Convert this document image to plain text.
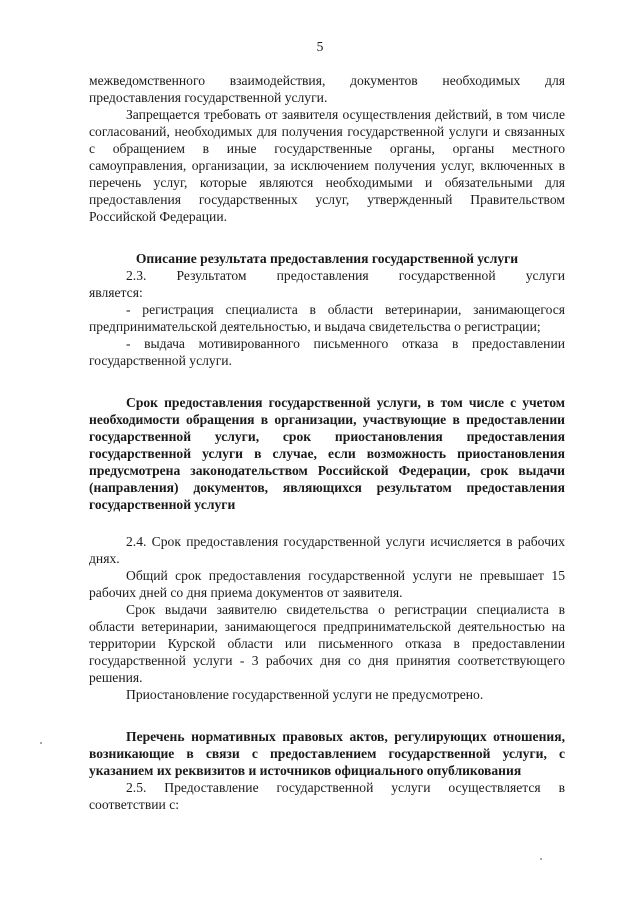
5

межведомственного взаимодействия, документов необходимых для предоставления государственной услуги.

Запрещается требовать от заявителя осуществления действий, в том числе согласований, необходимых для получения государственной услуги и связанных с обращением в иные государственные органы, органы местного самоуправления, организации, за исключением получения услуг, включенных в перечень услуг, которые являются необходимыми и обязательными для предоставления государственных услуг, утвержденный Правительством Российской Федерации.

Описание результата предоставления государственной услуги

2.3. Результатом предоставления государственной услуги

является:

- регистрация специалиста в области ветеринарии, занимающегося предпринимательской деятельностью, и выдача свидетельства о регистрации;

- выдача мотивированного письменного отказа в предоставлении государственной услуги.

Срок предоставления государственной услуги, в том числе с учетом необходимости обращения в организации, участвующие в предоставлении государственной услуги, срок приостановления предоставления государственной услуги в случае, если возможность приостановления предусмотрена законодательством Российской Федерации, срок выдачи (направления) документов, являющихся результатом предоставления государственной услуги

2.4. Срок предоставления государственной услуги исчисляется в рабочих днях.

Общий срок предоставления государственной услуги не превышает 15 рабочих дней со дня приема документов от заявителя.

Срок выдачи заявителю свидетельства о регистрации специалиста в области ветеринарии, занимающегося предпринимательской деятельностью на территории Курской области или письменного отказа в предоставлении государственной услуги - 3 рабочих дня со дня принятия соответствующего решения.

Приостановление государственной услуги не предусмотрено.

Перечень нормативных правовых актов, регулирующих отношения, возникающие в связи с предоставлением государственной услуги, с указанием их реквизитов и источников официального опубликования

2.5. Предоставление государственной услуги осуществляется в соответствии с:
